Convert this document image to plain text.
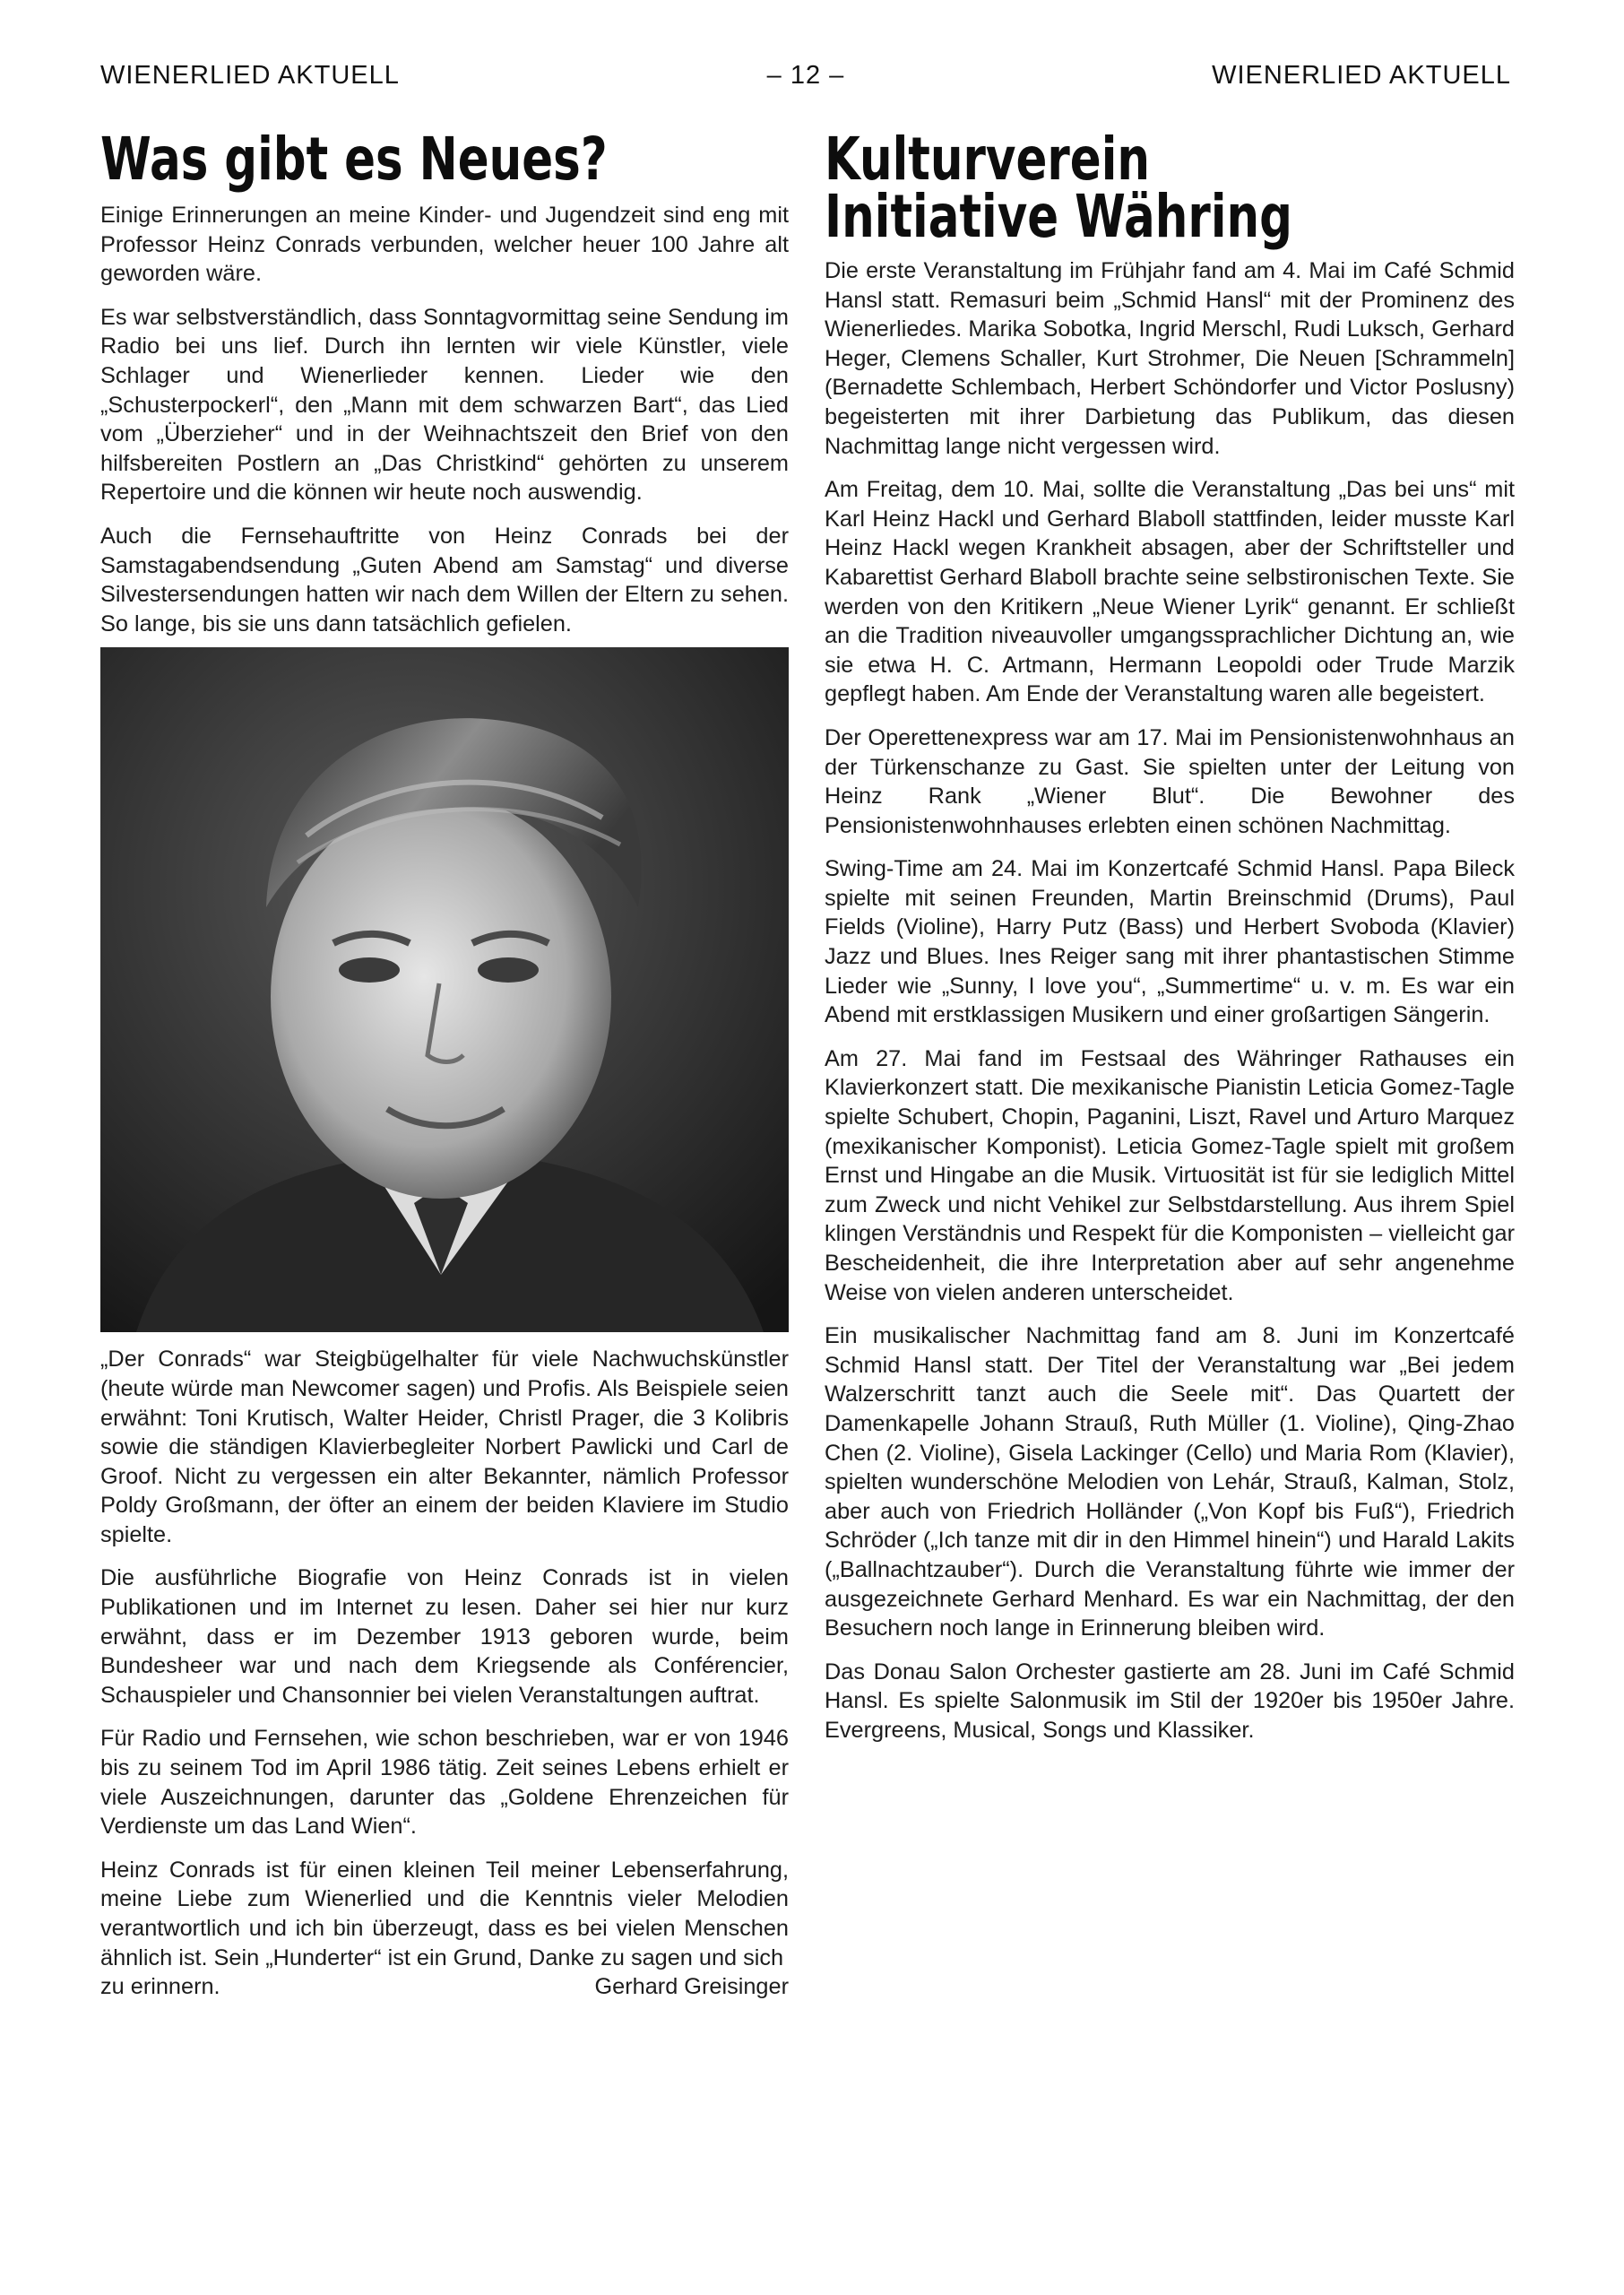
WIENERLIED AKTUELL	– 12 –	WIENERLIED AKTUELL
Was gibt es Neues?

Einige Erinnerungen an meine Kinder- und Jugendzeit sind eng mit Professor Heinz Conrads verbunden, welcher heuer 100 Jahre alt geworden wäre.

Es war selbstverständlich, dass Sonntagvormittag seine Sendung im Radio bei uns lief. Durch ihn lernten wir viele Künstler, viele Schlager und Wienerlieder kennen. Lieder wie den „Schusterpockerl“, den „Mann mit dem schwarzen Bart“, das Lied vom „Überzieher“ und in der Weihnachtszeit den Brief von den hilfsbereiten Postlern an „Das Christkind“ gehörten zu unserem Repertoire und die können wir heute noch auswendig.

Auch die Fernsehauftritte von Heinz Conrads bei der Samstagabendsendung „Guten Abend am Samstag“ und diverse Silvestersendungen hatten wir nach dem Willen der Eltern zu sehen. So lange, bis sie uns dann tatsächlich gefielen.

„Der Conrads“ war Steigbügelhalter für viele Nachwuchskünstler (heute würde man Newcomer sagen) und Profis. Als Beispiele seien erwähnt: Toni Krutisch, Walter Heider, Christl Prager, die 3 Kolibris sowie die ständigen Klavierbegleiter Norbert Pawlicki und Carl de Groof. Nicht zu vergessen ein alter Bekannter, nämlich Professor Poldy Großmann, der öfter an einem der beiden Klaviere im Studio spielte.

Die ausführliche Biografie von Heinz Conrads ist in vielen Publikationen und im Internet zu lesen. Daher sei hier nur kurz erwähnt, dass er im Dezember 1913 geboren wurde, beim Bundesheer war und nach dem Kriegsende als Conférencier, Schauspieler und Chansonnier bei vielen Veranstaltungen auftrat.

Für Radio und Fernsehen, wie schon beschrieben, war er von 1946 bis zu seinem Tod im April 1986 tätig. Zeit seines Lebens erhielt er viele Auszeichnungen, darunter das „Goldene Ehrenzeichen für Verdienste um das Land Wien“.

Heinz Conrads ist für einen kleinen Teil meiner Lebenserfahrung, meine Liebe zum Wienerlied und die Kenntnis vieler Melodien verantwortlich und ich bin überzeugt, dass es bei vielen Menschen ähnlich ist. Sein „Hunderter“ ist ein Grund, Danke zu sagen und sich

zu erinnern.	Gerhard Greisinger

Kulturverein
Initiative Währing

Die erste Veranstaltung im Frühjahr fand am 4. Mai im Café Schmid Hansl statt. Remasuri beim „Schmid Hansl“ mit der Prominenz des Wienerliedes. Marika Sobotka, Ingrid Merschl, Rudi Luksch, Gerhard Heger, Clemens Schaller, Kurt Strohmer, Die Neuen [Schrammeln] (Bernadette Schlembach, Herbert Schöndorfer und Victor Poslusny) begeisterten mit ihrer Darbietung das Publikum, das diesen Nachmittag lange nicht vergessen wird.

Am Freitag, dem 10. Mai, sollte die Veranstaltung „Das bei uns“ mit Karl Heinz Hackl und Gerhard Blaboll stattfinden, leider musste Karl Heinz Hackl wegen Krankheit absagen, aber der Schriftsteller und Kabarettist Gerhard Blaboll brachte seine selbstironischen Texte. Sie werden von den Kritikern „Neue Wiener Lyrik“ genannt. Er schließt an die Tradition niveauvoller umgangssprachlicher Dichtung an, wie sie etwa H. C. Artmann, Hermann Leopoldi oder Trude Marzik gepflegt haben. Am Ende der Veranstaltung waren alle begeistert.

Der Operettenexpress war am 17. Mai im Pensionistenwohnhaus an der Türkenschanze zu Gast. Sie spielten unter der Leitung von Heinz Rank „Wiener Blut“. Die Bewohner des Pensionistenwohnhauses erlebten einen schönen Nachmittag.

Swing-Time am 24. Mai im Konzertcafé Schmid Hansl. Papa Bileck spielte mit seinen Freunden, Martin Breinschmid (Drums), Paul Fields (Violine), Harry Putz (Bass) und Herbert Svoboda (Klavier) Jazz und Blues. Ines Reiger sang mit ihrer phantastischen Stimme Lieder wie „Sunny, I love you“, „Summertime“ u. v. m. Es war ein Abend mit erstklassigen Musikern und einer großartigen Sängerin.

Am 27. Mai fand im Festsaal des Währinger Rathauses ein Klavierkonzert statt. Die mexikanische Pianistin Leticia Gomez-Tagle spielte Schubert, Chopin, Paganini, Liszt, Ravel und Arturo Marquez (mexikanischer Komponist). Leticia Gomez-Tagle spielt mit großem Ernst und Hingabe an die Musik. Virtuosität ist für sie lediglich Mittel zum Zweck und nicht Vehikel zur Selbstdarstellung. Aus ihrem Spiel klingen Verständnis und Respekt für die Komponisten – vielleicht gar Bescheidenheit, die ihre Interpretation aber auf sehr angenehme Weise von vielen anderen unterscheidet.

Ein musikalischer Nachmittag fand am 8. Juni im Konzertcafé Schmid Hansl statt. Der Titel der Veranstaltung war „Bei jedem Walzerschritt tanzt auch die Seele mit“. Das Quartett der Damenkapelle Johann Strauß, Ruth Müller (1. Violine), Qing-Zhao Chen (2. Violine), Gisela Lackinger (Cello) und Maria Rom (Klavier), spielten wunderschöne Melodien von Lehár, Strauß, Kalman, Stolz, aber auch von Friedrich Holländer („Von Kopf bis Fuß“), Friedrich Schröder („Ich tanze mit dir in den Himmel hinein“) und Harald Lakits („Ballnachtzauber“). Durch die Veranstaltung führte wie immer der ausgezeichnete Gerhard Menhard. Es war ein Nachmittag, der den Besuchern noch lange in Erinnerung bleiben wird.

Das Donau Salon Orchester gastierte am 28. Juni im Café Schmid Hansl. Es spielte Salonmusik im Stil der 1920er bis 1950er Jahre. Evergreens, Musical, Songs und Klassiker.
